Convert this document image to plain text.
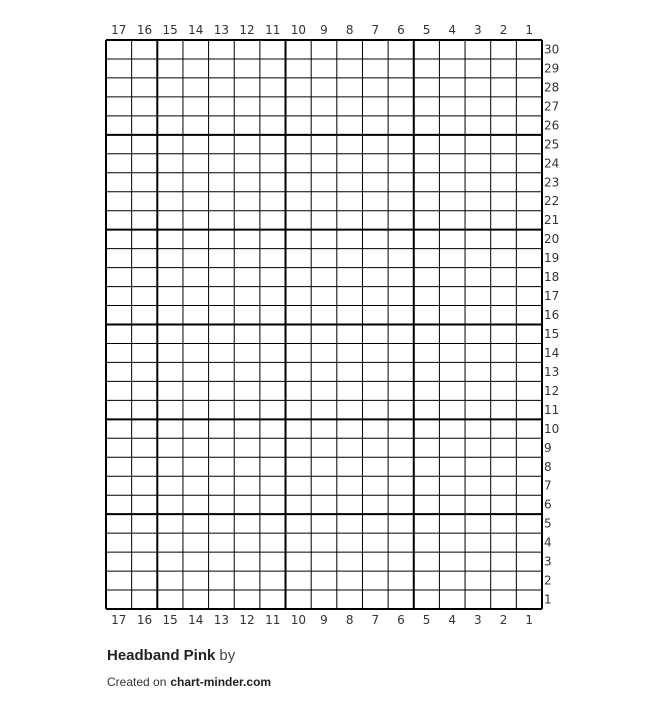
17 16 15 14 13 12 11 10 9 8 7 6 5 4 3 2 1
17 16 15 14 13 12 11 10 9 8 7 6 5 4 3 2 1
30
29
28
27
26
25
24
23
22
21
20
19
18
17
16
15
14
13
12
11
10
9
8
7
6
5
4
3
2
1
Headband Pink by
Created on chart-minder.com
